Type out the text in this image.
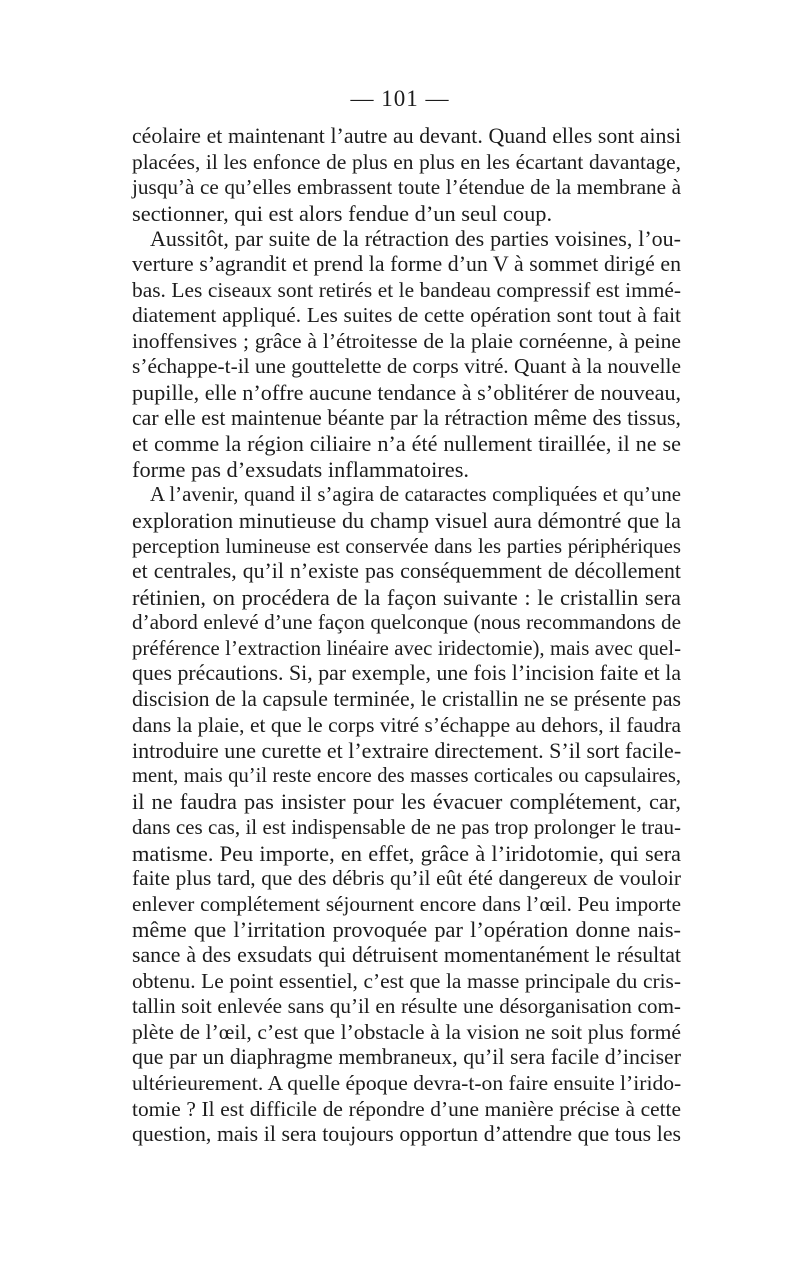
— 101 —
céolaire et maintenant l’autre au devant. Quand elles sont ainsi
placées, il les enfonce de plus en plus en les écartant davantage,
jusqu’à ce qu’elles embrassent toute l’étendue de la membrane à
sectionner, qui est alors fendue d’un seul coup.
Aussitôt, par suite de la rétraction des parties voisines, l’ou-
verture s’agrandit et prend la forme d’un V à sommet dirigé en
bas. Les ciseaux sont retirés et le bandeau compressif est immé-
diatement appliqué. Les suites de cette opération sont tout à fait
inoffensives ; grâce à l’étroitesse de la plaie cornéenne, à peine
s’échappe-t-il une gouttelette de corps vitré. Quant à la nouvelle
pupille, elle n’offre aucune tendance à s’oblitérer de nouveau,
car elle est maintenue béante par la rétraction même des tissus,
et comme la région ciliaire n’a été nullement tiraillée, il ne se
forme pas d’exsudats inflammatoires.
A l’avenir, quand il s’agira de cataractes compliquées et qu’une
exploration minutieuse du champ visuel aura démontré que la
perception lumineuse est conservée dans les parties périphériques
et centrales, qu’il n’existe pas conséquemment de décollement
rétinien, on procédera de la façon suivante : le cristallin sera
d’abord enlevé d’une façon quelconque (nous recommandons de
préférence l’extraction linéaire avec iridectomie), mais avec quel-
ques précautions. Si, par exemple, une fois l’incision faite et la
discision de la capsule terminée, le cristallin ne se présente pas
dans la plaie, et que le corps vitré s’échappe au dehors, il faudra
introduire une curette et l’extraire directement. S’il sort facile-
ment, mais qu’il reste encore des masses corticales ou capsulaires,
il ne faudra pas insister pour les évacuer complétement, car,
dans ces cas, il est indispensable de ne pas trop prolonger le trau-
matisme. Peu importe, en effet, grâce à l’iridotomie, qui sera
faite plus tard, que des débris qu’il eût été dangereux de vouloir
enlever complétement séjournent encore dans l’œil. Peu importe
même que l’irritation provoquée par l’opération donne nais-
sance à des exsudats qui détruisent momentanément le résultat
obtenu. Le point essentiel, c’est que la masse principale du cris-
tallin soit enlevée sans qu’il en résulte une désorganisation com-
plète de l’œil, c’est que l’obstacle à la vision ne soit plus formé
que par un diaphragme membraneux, qu’il sera facile d’inciser
ultérieurement. A quelle époque devra-t-on faire ensuite l’irido-
tomie ? Il est difficile de répondre d’une manière précise à cette
question, mais il sera toujours opportun d’attendre que tous les
